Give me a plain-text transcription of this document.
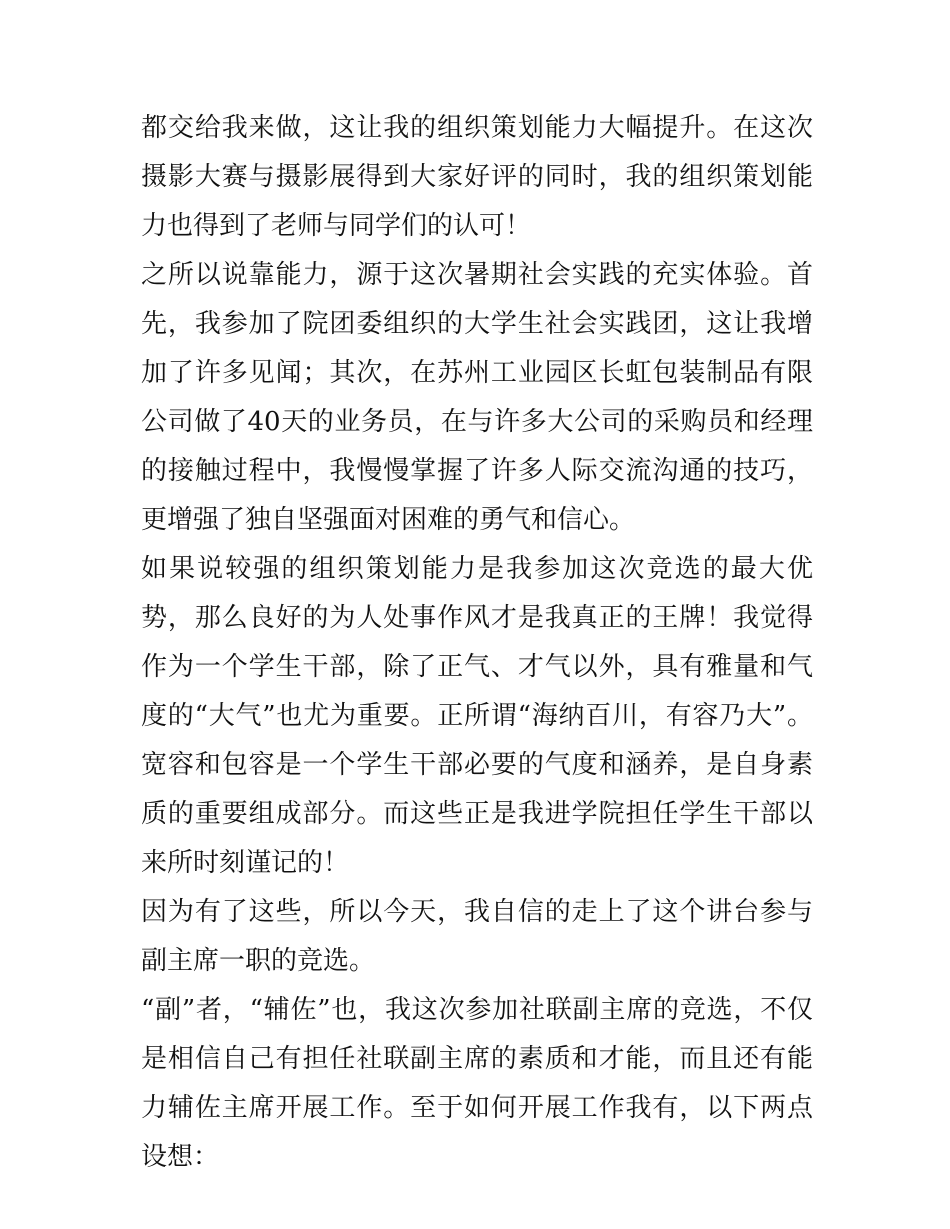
都交给我来做，这让我的组织策划能力大幅提升。在这次摄影大赛与摄影展得到大家好评的同时，我的组织策划能力也得到了老师与同学们的认可！

之所以说靠能力，源于这次暑期社会实践的充实体验。首先，我参加了院团委组织的大学生社会实践团，这让我增加了许多见闻；其次，在苏州工业园区长虹包装制品有限公司做了40天的业务员，在与许多大公司的采购员和经理的接触过程中，我慢慢掌握了许多人际交流沟通的技巧，更增强了独自坚强面对困难的勇气和信心。

如果说较强的组织策划能力是我参加这次竞选的最大优势，那么良好的为人处事作风才是我真正的王牌！我觉得作为一个学生干部，除了正气、才气以外，具有雅量和气度的“大气”也尤为重要。正所谓“海纳百川，有容乃大”。宽容和包容是一个学生干部必要的气度和涵养，是自身素质的重要组成部分。而这些正是我进学院担任学生干部以来所时刻谨记的！

因为有了这些，所以今天，我自信的走上了这个讲台参与副主席一职的竞选。

“副”者，“辅佐”也，我这次参加社联副主席的竞选，不仅是相信自己有担任社联副主席的素质和才能，而且还有能力辅佐主席开展工作。至于如何开展工作我有，以下两点设想：
